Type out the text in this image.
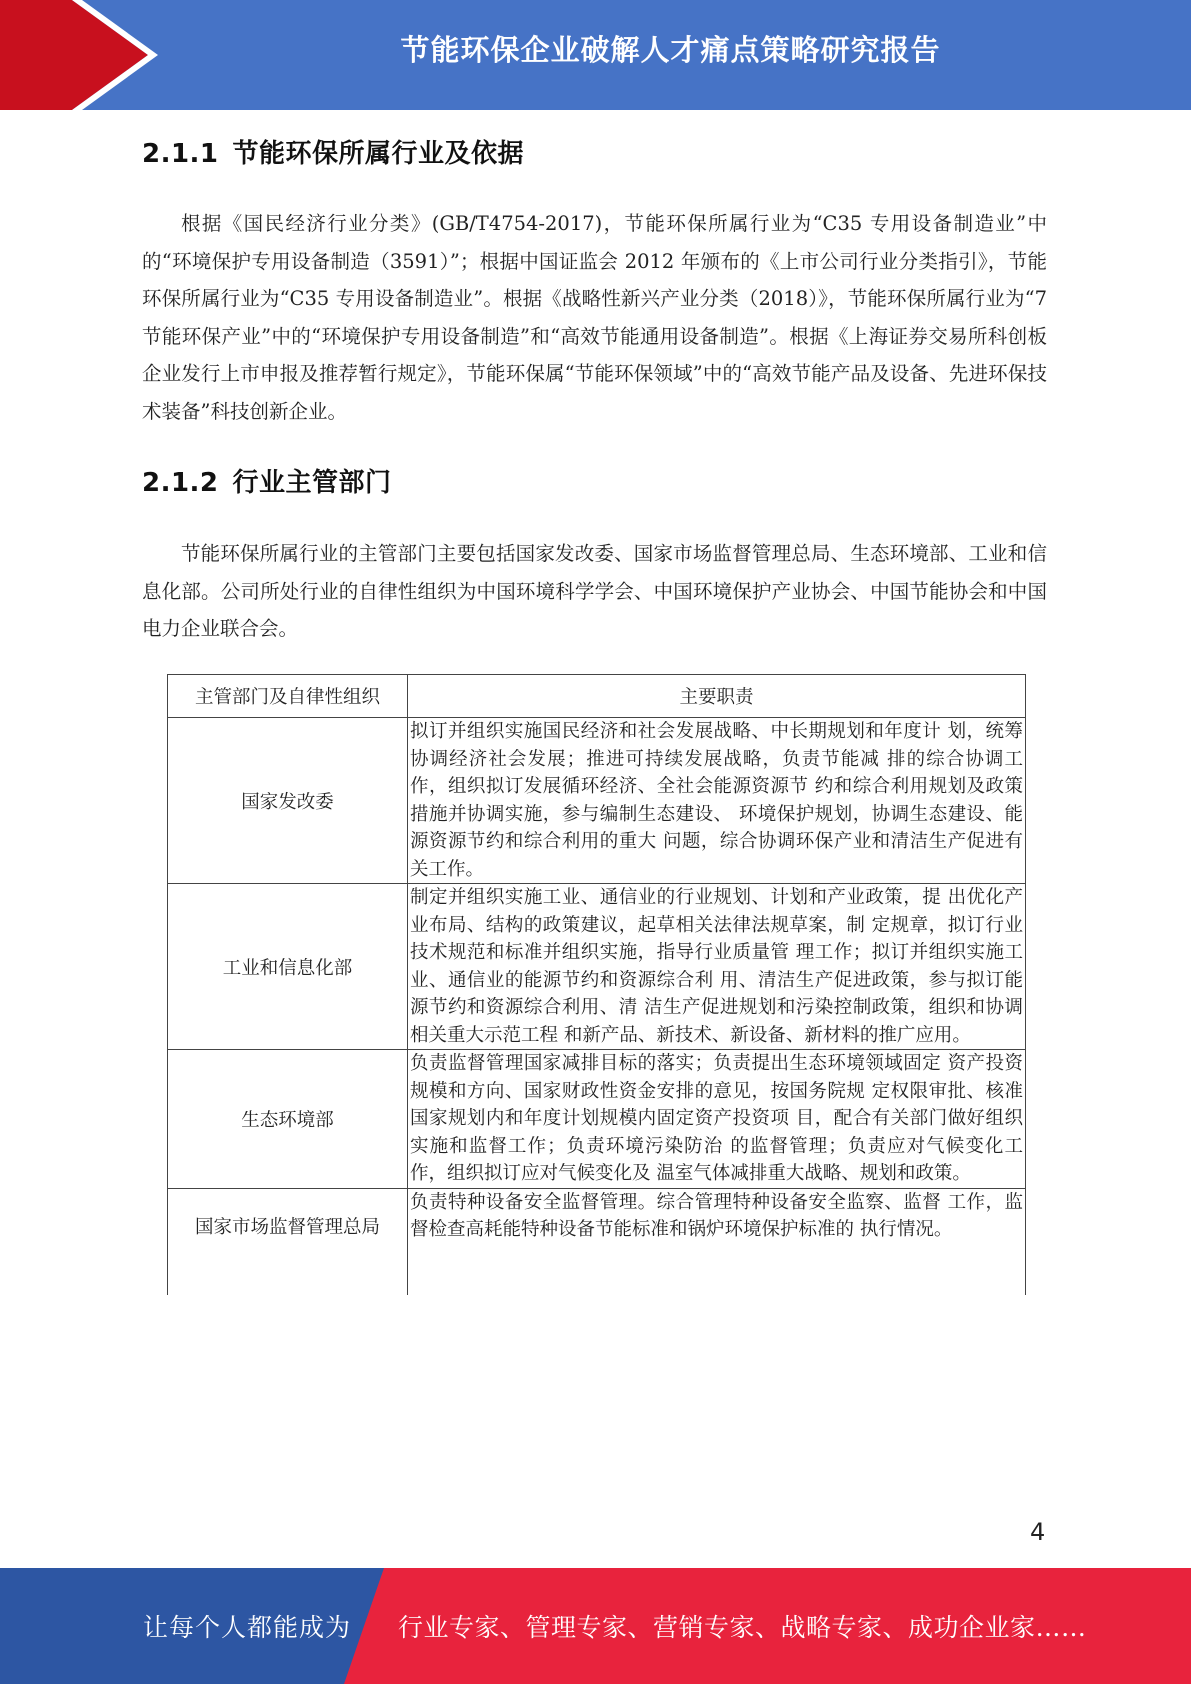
节能环保企业破解人才痛点策略研究报告
2.1.1 节能环保所属行业及依据

根据《国民经济行业分类》(GB/T4754-2017)，节能环保所属行业为“C35 专用设备制造业”中的“环境保护专用设备制造（3591）”；根据中国证监会 2012 年颁布的《上市公司行业分类指引》，节能环保所属行业为“C35 专用设备制造业”。根据《战略性新兴产业分类（2018）》，节能环保所属行业为“7 节能环保产业”中的“环境保护专用设备制造”和“高效节能通用设备制造”。根据《上海证券交易所科创板企业发行上市申报及推荐暂行规定》，节能环保属“节能环保领域”中的“高效节能产品及设备、先进环保技术装备”科技创新企业。

2.1.2 行业主管部门

节能环保所属行业的主管部门主要包括国家发改委、国家市场监督管理总局、生态环境部、工业和信息化部。公司所处行业的自律性组织为中国环境科学学会、中国环境保护产业协会、中国节能协会和中国电力企业联合会。

主管部门及自律性组织	主要职责
国家发改委	拟订并组织实施国民经济和社会发展战略、中长期规划和年度计 划，统筹协调经济社会发展；推进可持续发展战略，负责节能减 排的综合协调工作，组织拟订发展循环经济、全社会能源资源节 约和综合利用规划及政策措施并协调实施，参与编制生态建设、 环境保护规划，协调生态建设、能源资源节约和综合利用的重大 问题，综合协调环保产业和清洁生产促进有关工作。
工业和信息化部	制定并组织实施工业、通信业的行业规划、计划和产业政策，提 出优化产业布局、结构的政策建议，起草相关法律法规草案，制 定规章，拟订行业技术规范和标准并组织实施，指导行业质量管 理工作；拟订并组织实施工业、通信业的能源节约和资源综合利 用、清洁生产促进政策，参与拟订能源节约和资源综合利用、清 洁生产促进规划和污染控制政策，组织和协调相关重大示范工程 和新产品、新技术、新设备、新材料的推广应用。
生态环境部	负责监督管理国家减排目标的落实；负责提出生态环境领域固定 资产投资规模和方向、国家财政性资金安排的意见，按国务院规 定权限审批、核准国家规划内和年度计划规模内固定资产投资项 目，配合有关部门做好组织实施和监督工作；负责环境污染防治 的监督管理；负责应对气候变化工作，组织拟订应对气候变化及 温室气体减排重大战略、规划和政策。
国家市场监督管理总局	负责特种设备安全监督管理。综合管理特种设备安全监察、监督 工作，监督检查高耗能特种设备节能标准和锅炉环境保护标准的 执行情况。
4
让每个人都能成为 行业专家、管理专家、营销专家、战略专家、成功企业家……
